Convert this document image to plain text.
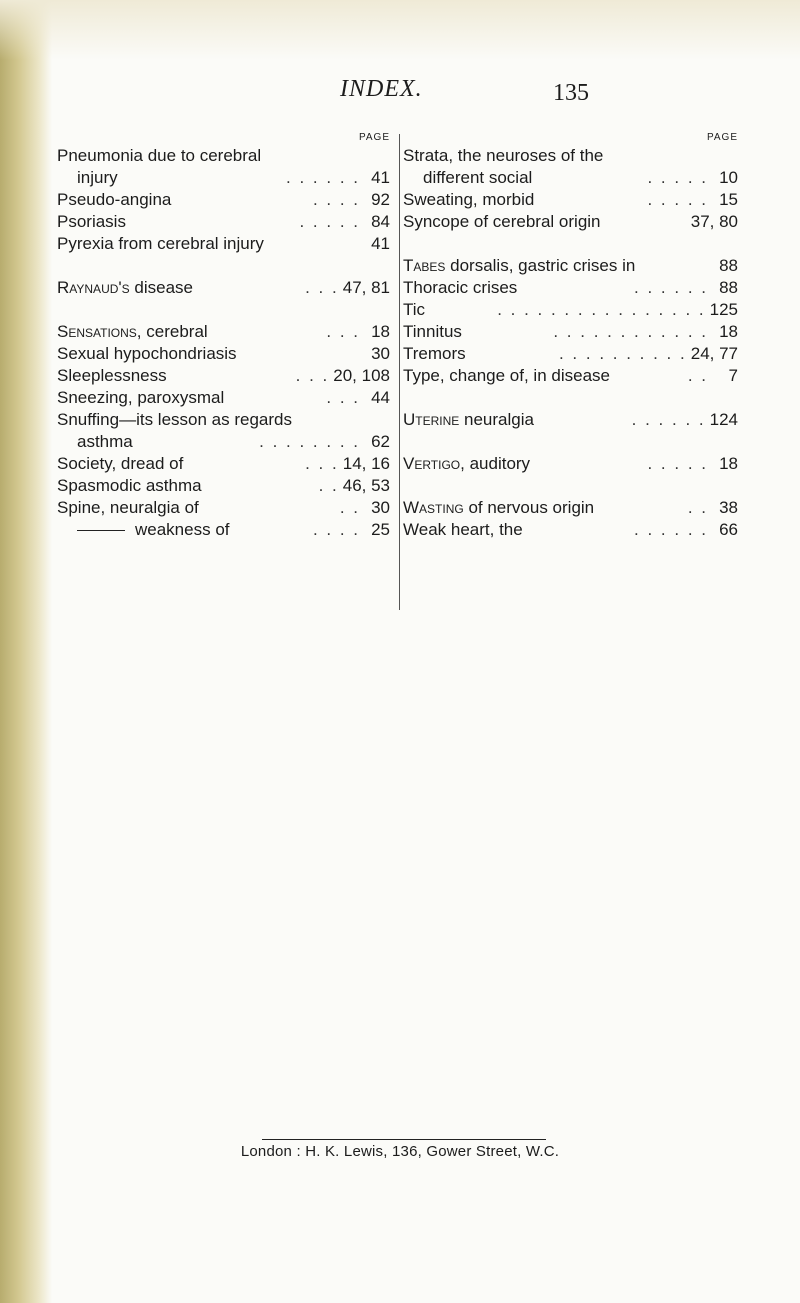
INDEX.	135
PAGE
Pneumonia due to cerebral
injury	. . . . . . 41
Pseudo-angina	. . . . 92
Psoriasis	. . . . . 84
Pyrexia from cerebral injury	41
Raynaud's disease	. . . 47, 81
Sensations, cerebral	. . . 18
Sexual hypochondriasis	30
Sleeplessness	. . . 20, 108
Sneezing, paroxysmal	. . . 44
Snuffing—its lesson as regards
asthma	. . . . . . . . 62
Society, dread of	. . . 14, 16
Spasmodic asthma	. . 46, 53
Spine, neuralgia of	. . 30
weakness of	. . . . 25
PAGE
Strata, the neuroses of the
different social	. . . . . 10
Sweating, morbid	. . . . . 15
Syncope of cerebral origin	37, 80
Tabes dorsalis, gastric crises in	88
Thoracic crises	. . . . . . 88
Tic	. . . . . . . . . . . . . . . . 125
Tinnitus	. . . . . . . . . . . . 18
Tremors	. . . . . . . . . . 24, 77
Type, change of, in disease	. .	7
Uterine neuralgia	. . . . . . 124
Vertigo, auditory	. . . . . 18
Wasting of nervous origin	. . 38
Weak heart, the	. . . . . . 66
London : H. K. Lewis, 136, Gower Street, W.C.
